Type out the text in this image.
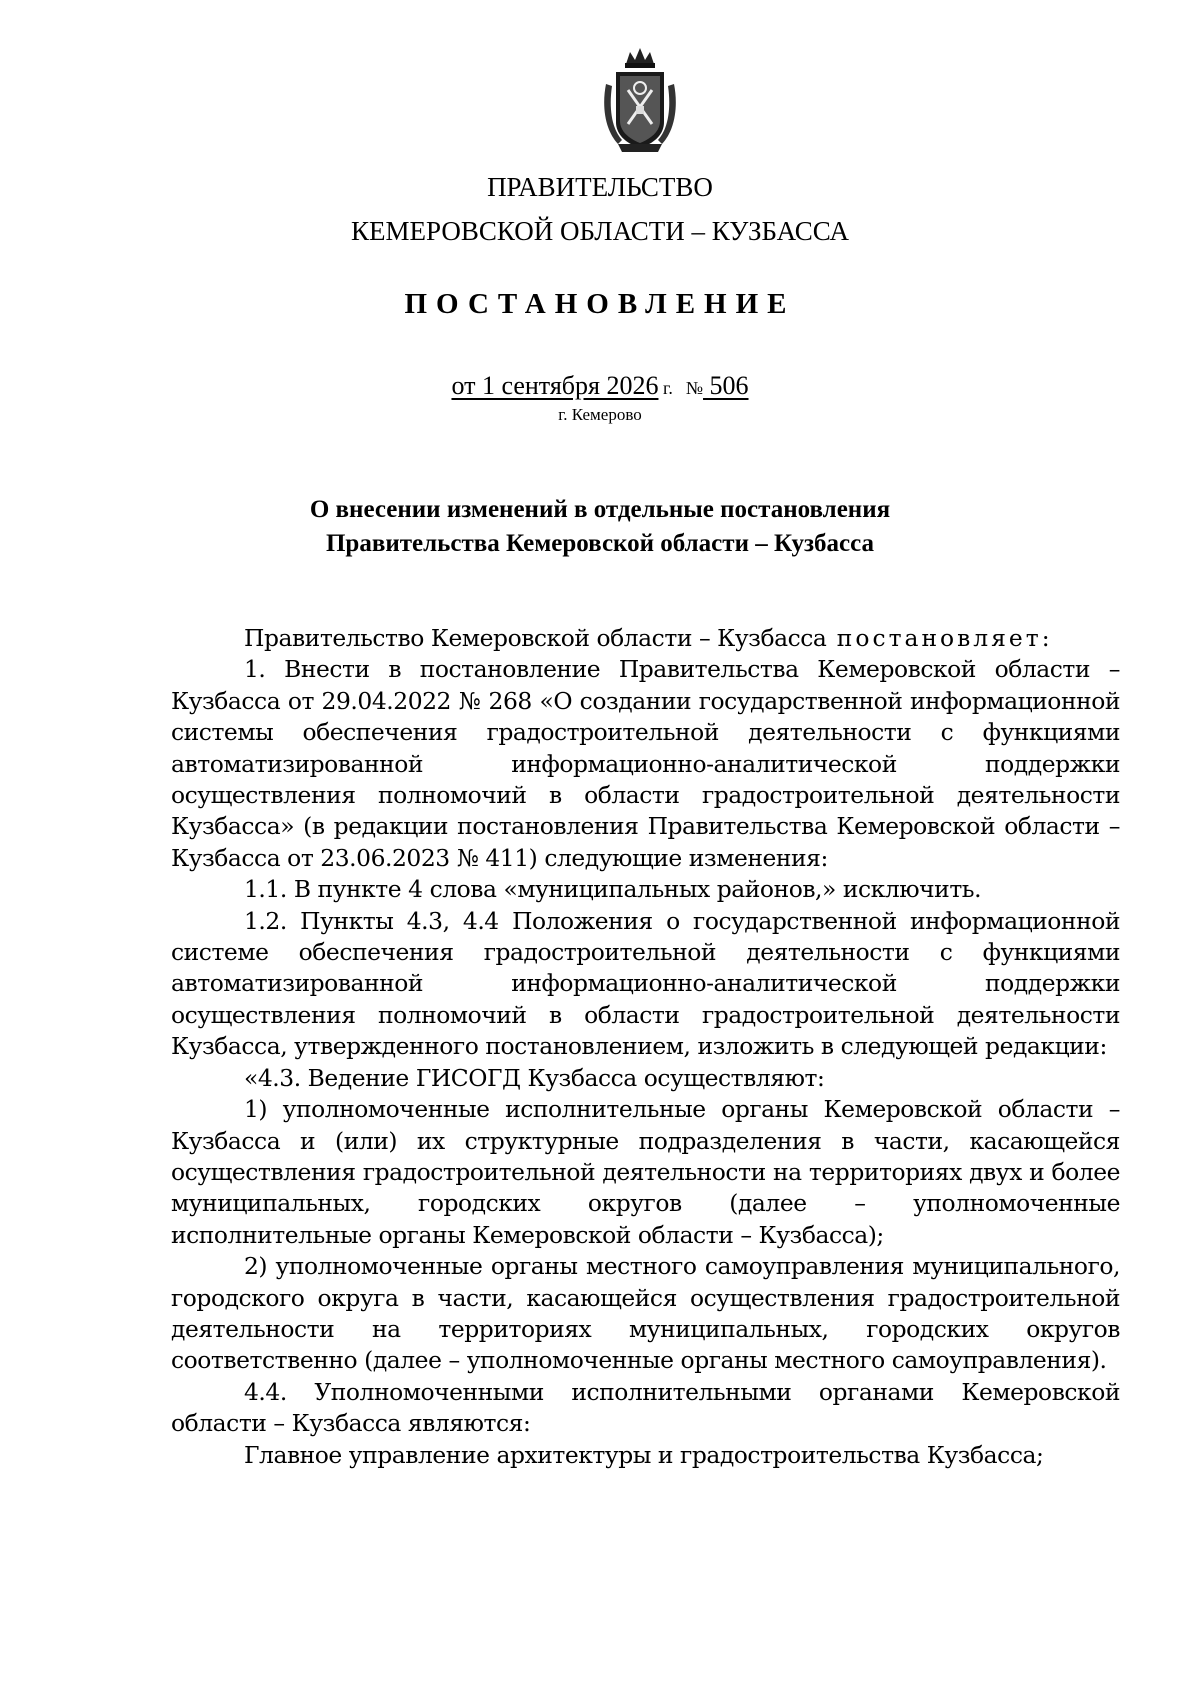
ПРАВИТЕЛЬСТВО
КЕМЕРОВСКОЙ ОБЛАСТИ – КУЗБАССА
ПОСТАНОВЛЕНИЕ
от 1 сентября 2026 г. № 506
г. Кемерово
О внесении изменений в отдельные постановления
Правительства Кемеровской области – Кузбасса

Правительство Кемеровской области – Кузбасса постановляет:

1. Внести в постановление Правительства Кемеровской области – Кузбасса от 29.04.2022 № 268 «О создании государственной информационной системы обеспечения градостроительной деятельности с функциями автоматизированной информационно-аналитической поддержки осуществления полномочий в области градостроительной деятельности Кузбасса» (в редакции постановления Правительства Кемеровской области – Кузбасса от 23.06.2023 № 411) следующие изменения:

1.1. В пункте 4 слова «муниципальных районов,» исключить.

1.2. Пункты 4.3, 4.4 Положения о государственной информационной системе обеспечения градостроительной деятельности с функциями автоматизированной информационно-аналитической поддержки осуществления полномочий в области градостроительной деятельности Кузбасса, утвержденного постановлением, изложить в следующей редакции:

«4.3. Ведение ГИСОГД Кузбасса осуществляют:

1) уполномоченные исполнительные органы Кемеровской области – Кузбасса и (или) их структурные подразделения в части, касающейся осуществления градостроительной деятельности на территориях двух и более муниципальных, городских округов (далее – уполномоченные исполнительные органы Кемеровской области – Кузбасса);

2) уполномоченные органы местного самоуправления муниципального, городского округа в части, касающейся осуществления градостроительной деятельности на территориях муниципальных, городских округов соответственно (далее – уполномоченные органы местного самоуправления).

4.4. Уполномоченными исполнительными органами Кемеровской области – Кузбасса являются:

Главное управление архитектуры и градостроительства Кузбасса;
